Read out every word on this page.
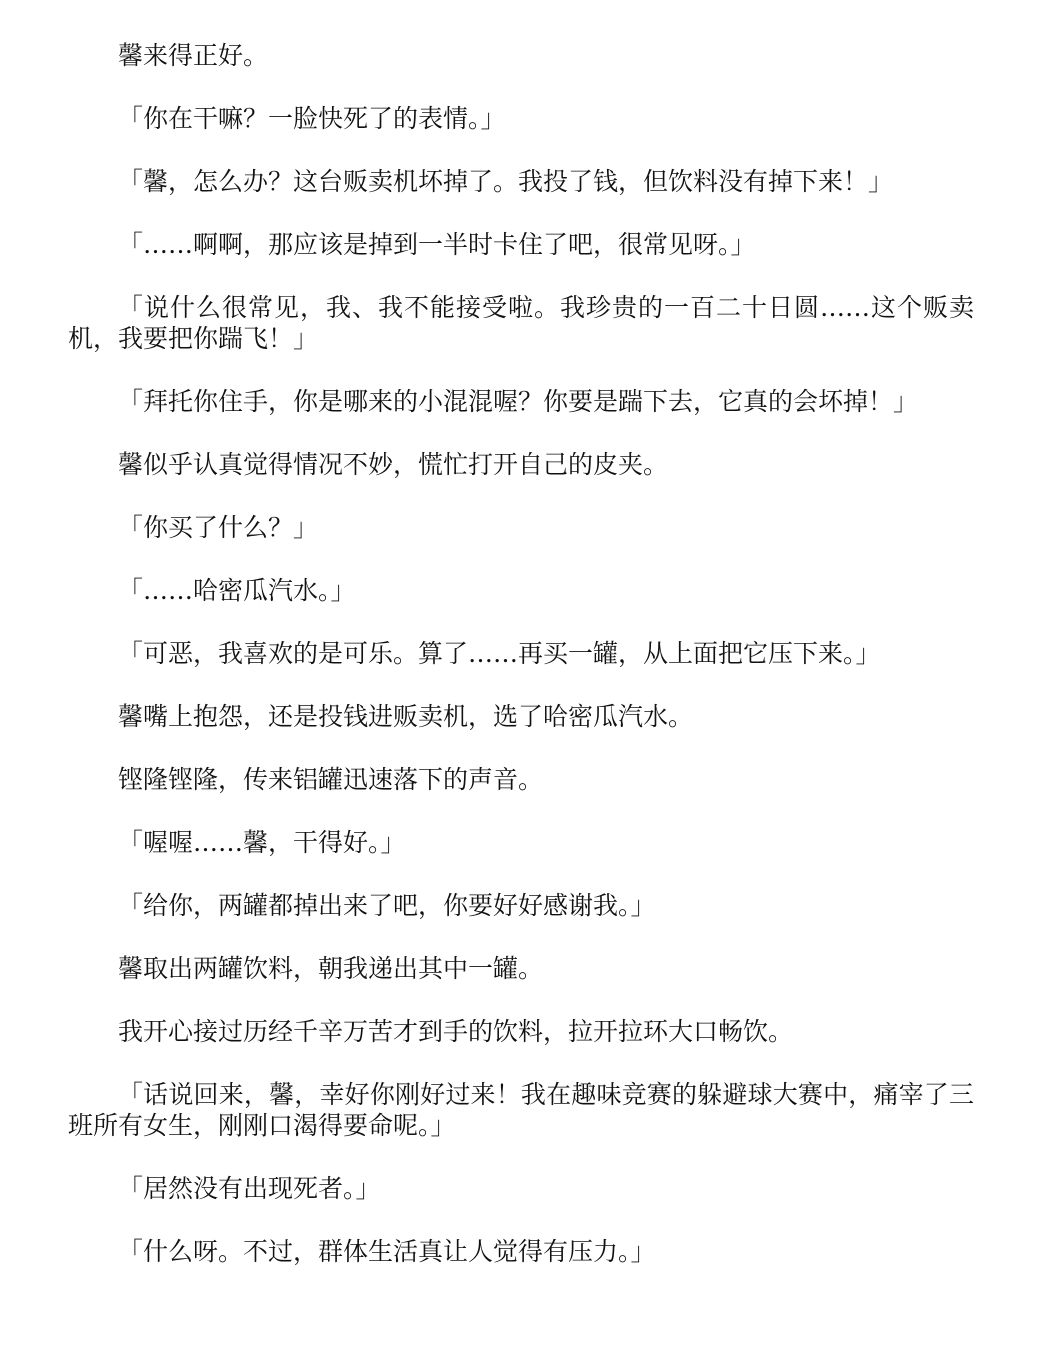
馨来得正好。

「你在干嘛？一脸快死了的表情。」

「馨，怎么办？这台贩卖机坏掉了。我投了钱，但饮料没有掉下来！」

「……啊啊，那应该是掉到一半时卡住了吧，很常见呀。」

「说什么很常见，我、我不能接受啦。我珍贵的一百二十日圆……这个贩卖机，我要把你踹飞！」

「拜托你住手，你是哪来的小混混喔？你要是踹下去，它真的会坏掉！」

馨似乎认真觉得情况不妙，慌忙打开自己的皮夹。

「你买了什么？」

「……哈密瓜汽水。」

「可恶，我喜欢的是可乐。算了……再买一罐，从上面把它压下来。」

馨嘴上抱怨，还是投钱进贩卖机，选了哈密瓜汽水。

铿隆铿隆，传来铝罐迅速落下的声音。

「喔喔……馨，干得好。」

「给你，两罐都掉出来了吧，你要好好感谢我。」

馨取出两罐饮料，朝我递出其中一罐。

我开心接过历经千辛万苦才到手的饮料，拉开拉环大口畅饮。

「话说回来，馨，幸好你刚好过来！我在趣味竞赛的躲避球大赛中，痛宰了三班所有女生，刚刚口渴得要命呢。」

「居然没有出现死者。」

「什么呀。不过，群体生活真让人觉得有压力。」
